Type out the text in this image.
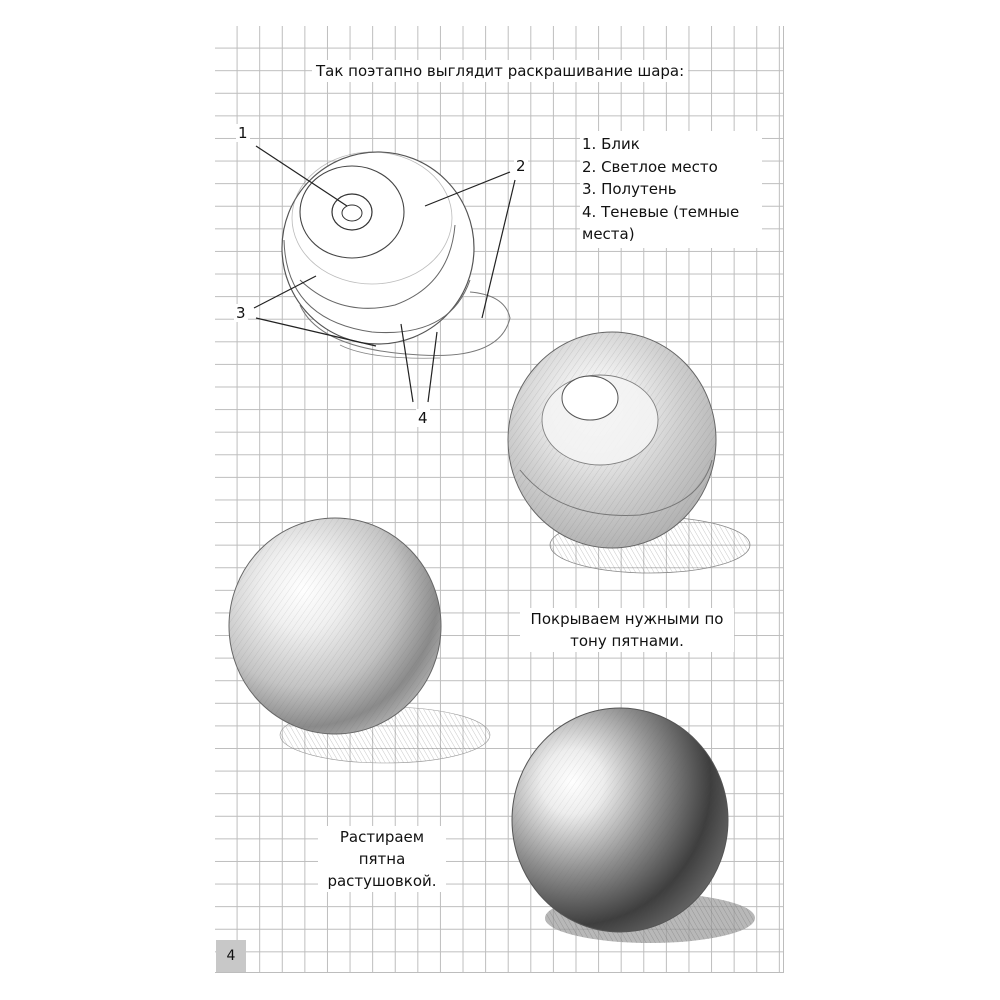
Так поэтапно выглядит раскрашивание шара:
1. Блик
2. Светлое место
3. Полутень
4. Теневые (темные места)
1
2
3
4
Покрываем нужными по тону пятнами.
Растираем пятна растушовкой.
4
